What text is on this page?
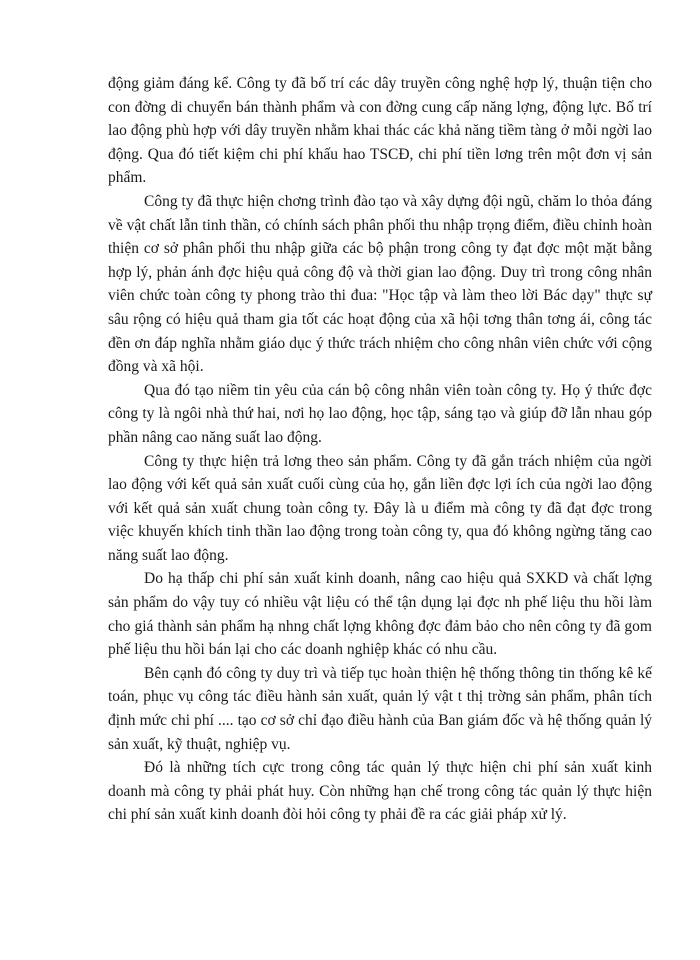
động giảm đáng kể. Công ty đã bố trí các dây truyền công nghệ hợp lý, thuận tiện cho con đờng di chuyển bán thành phẩm và con đờng cung cấp năng lợng, động lực. Bố trí lao động phù hợp với dây truyền nhằm khai thác các khả năng tiềm tàng ở mỗi ngời lao động. Qua đó tiết kiệm chi phí khấu hao TSCĐ, chi phí tiền lơng trên một đơn vị sản phẩm.

Công ty đã thực hiện chơng trình đào tạo và xây dựng đội ngũ, chăm lo thỏa đáng về vật chất lẫn tinh thần, có chính sách phân phối thu nhập trọng điểm, điều chỉnh hoàn thiện cơ sở phân phối thu nhập giữa các bộ phận trong công ty đạt đợc một mặt bằng hợp lý, phản ánh đợc hiệu quả công độ và thời gian lao động. Duy trì trong công nhân viên chức toàn công ty phong trào thi đua: "Học tập và làm theo lời Bác dạy" thực sự sâu rộng có hiệu quả tham gia tốt các hoạt động của xã hội tơng thân tơng ái, công tác đền ơn đáp nghĩa nhằm giáo dục ý thức trách nhiệm cho công nhân viên chức với cộng đồng và xã hội.

Qua đó tạo niềm tin yêu của cán bộ công nhân viên toàn công ty. Họ ý thức đợc công ty là ngôi nhà thứ hai, nơi họ lao động, học tập, sáng tạo và giúp đỡ lẫn nhau góp phần nâng cao năng suất lao động.

Công ty thực hiện trả lơng theo sản phẩm. Công ty đã gắn trách nhiệm của ngời lao động với kết quả sản xuất cuối cùng của họ, gắn liền đợc lợi ích của ngời lao động với kết quả sản xuất chung toàn công ty. Đây là u điểm mà công ty đã đạt đợc trong việc khuyến khích tinh thần lao động trong toàn công ty, qua đó không ngừng tăng cao năng suất lao động.

Do hạ thấp chi phí sản xuất kinh doanh, nâng cao hiệu quả SXKD và chất lợng sản phẩm do vậy tuy có nhiều vật liệu có thể tận dụng lại đợc nh phế liệu thu hồi làm cho giá thành sản phẩm hạ nhng chất lợng không đợc đảm bảo cho nên công ty đã gom phế liệu thu hồi bán lại cho các doanh nghiệp khác có nhu cầu.

Bên cạnh đó công ty duy trì và tiếp tục hoàn thiện hệ thống thông tin thống kê kế toán, phục vụ công tác điều hành sản xuất, quản lý vật t thị trờng sản phẩm, phân tích định mức chi phí .... tạo cơ sở chỉ đạo điều hành của Ban giám đốc và hệ thống quản lý sản xuất, kỹ thuật, nghiệp vụ.

Đó là những tích cực trong công tác quản lý thực hiện chi phí sản xuất kinh doanh mà công ty phải phát huy. Còn những hạn chế trong công tác quản lý thực hiện chi phí sản xuất kinh doanh đòi hỏi công ty phải đề ra các giải pháp xử lý.
